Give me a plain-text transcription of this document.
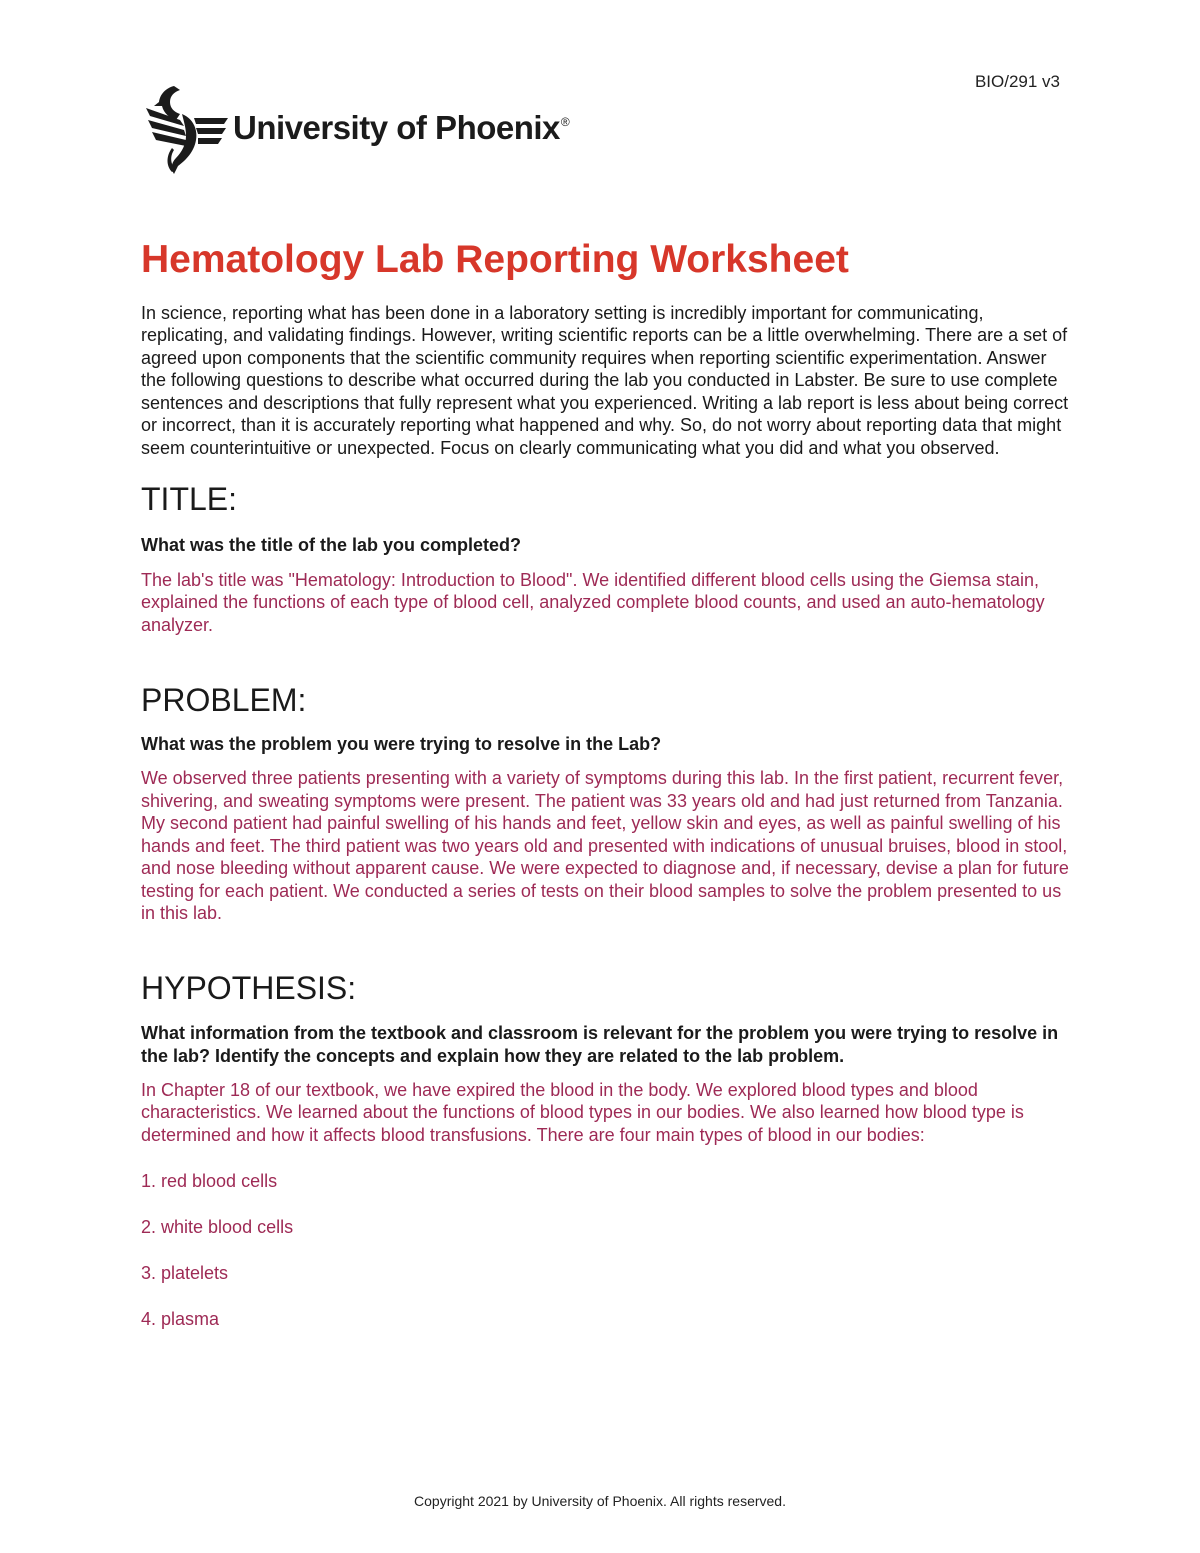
BIO/291 v3
University of Phoenix®
Hematology Lab Reporting Worksheet

In science, reporting what has been done in a laboratory setting is incredibly important for communicating, replicating, and validating findings. However, writing scientific reports can be a little overwhelming. There are a set of agreed upon components that the scientific community requires when reporting scientific experimentation. Answer the following questions to describe what occurred during the lab you conducted in Labster. Be sure to use complete sentences and descriptions that fully represent what you experienced. Writing a lab report is less about being correct or incorrect, than it is accurately reporting what happened and why. So, do not worry about reporting data that might seem counterintuitive or unexpected. Focus on clearly communicating what you did and what you observed.

TITLE:

What was the title of the lab you completed?

The lab's title was "Hematology: Introduction to Blood". We identified different blood cells using the Giemsa stain, explained the functions of each type of blood cell, analyzed complete blood counts, and used an auto-hematology analyzer.

PROBLEM:

What was the problem you were trying to resolve in the Lab?

We observed three patients presenting with a variety of symptoms during this lab. In the first patient, recurrent fever, shivering, and sweating symptoms were present. The patient was 33 years old and had just returned from Tanzania. My second patient had painful swelling of his hands and feet, yellow skin and eyes, as well as painful swelling of his hands and feet. The third patient was two years old and presented with indications of unusual bruises, blood in stool, and nose bleeding without apparent cause. We were expected to diagnose and, if necessary, devise a plan for future testing for each patient. We conducted a series of tests on their blood samples to solve the problem presented to us in this lab.

HYPOTHESIS:

What information from the textbook and classroom is relevant for the problem you were trying to resolve in the lab? Identify the concepts and explain how they are related to the lab problem.

In Chapter 18 of our textbook, we have expired the blood in the body. We explored blood types and blood characteristics. We learned about the functions of blood types in our bodies. We also learned how blood type is determined and how it affects blood transfusions. There are four main types of blood in our bodies:

1. red blood cells

2. white blood cells

3. platelets

4. plasma

Copyright 2021 by University of Phoenix. All rights reserved.
